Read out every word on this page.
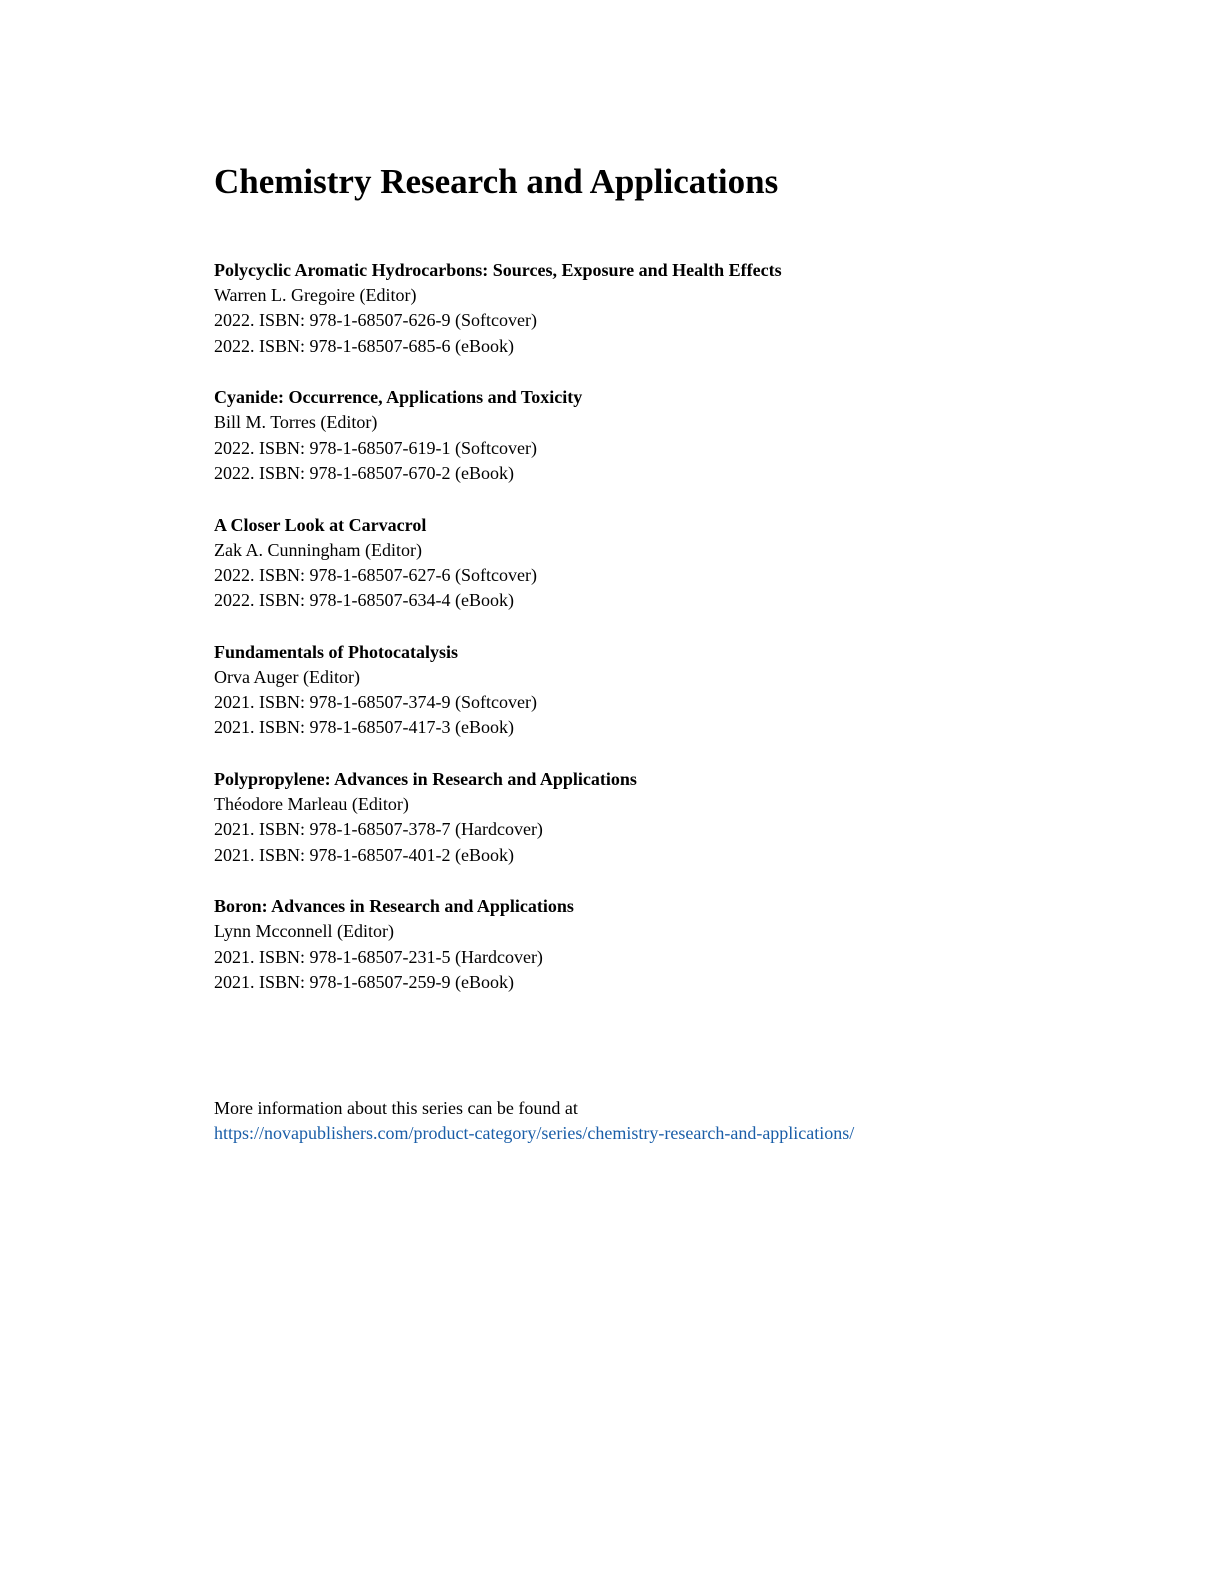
Chemistry Research and Applications
Polycyclic Aromatic Hydrocarbons: Sources, Exposure and Health Effects
Warren L. Gregoire (Editor)
2022. ISBN: 978-1-68507-626-9 (Softcover)
2022. ISBN: 978-1-68507-685-6 (eBook)
Cyanide: Occurrence, Applications and Toxicity
Bill M. Torres (Editor)
2022. ISBN: 978-1-68507-619-1 (Softcover)
2022. ISBN: 978-1-68507-670-2 (eBook)
A Closer Look at Carvacrol
Zak A. Cunningham (Editor)
2022. ISBN: 978-1-68507-627-6 (Softcover)
2022. ISBN: 978-1-68507-634-4 (eBook)
Fundamentals of Photocatalysis
Orva Auger (Editor)
2021. ISBN: 978-1-68507-374-9 (Softcover)
2021. ISBN: 978-1-68507-417-3 (eBook)
Polypropylene: Advances in Research and Applications
Théodore Marleau (Editor)
2021. ISBN: 978-1-68507-378-7 (Hardcover)
2021. ISBN: 978-1-68507-401-2 (eBook)
Boron: Advances in Research and Applications
Lynn Mcconnell (Editor)
2021. ISBN: 978-1-68507-231-5 (Hardcover)
2021. ISBN: 978-1-68507-259-9 (eBook)
More information about this series can be found at
https://novapublishers.com/product-category/series/chemistry-research-and-applications/
